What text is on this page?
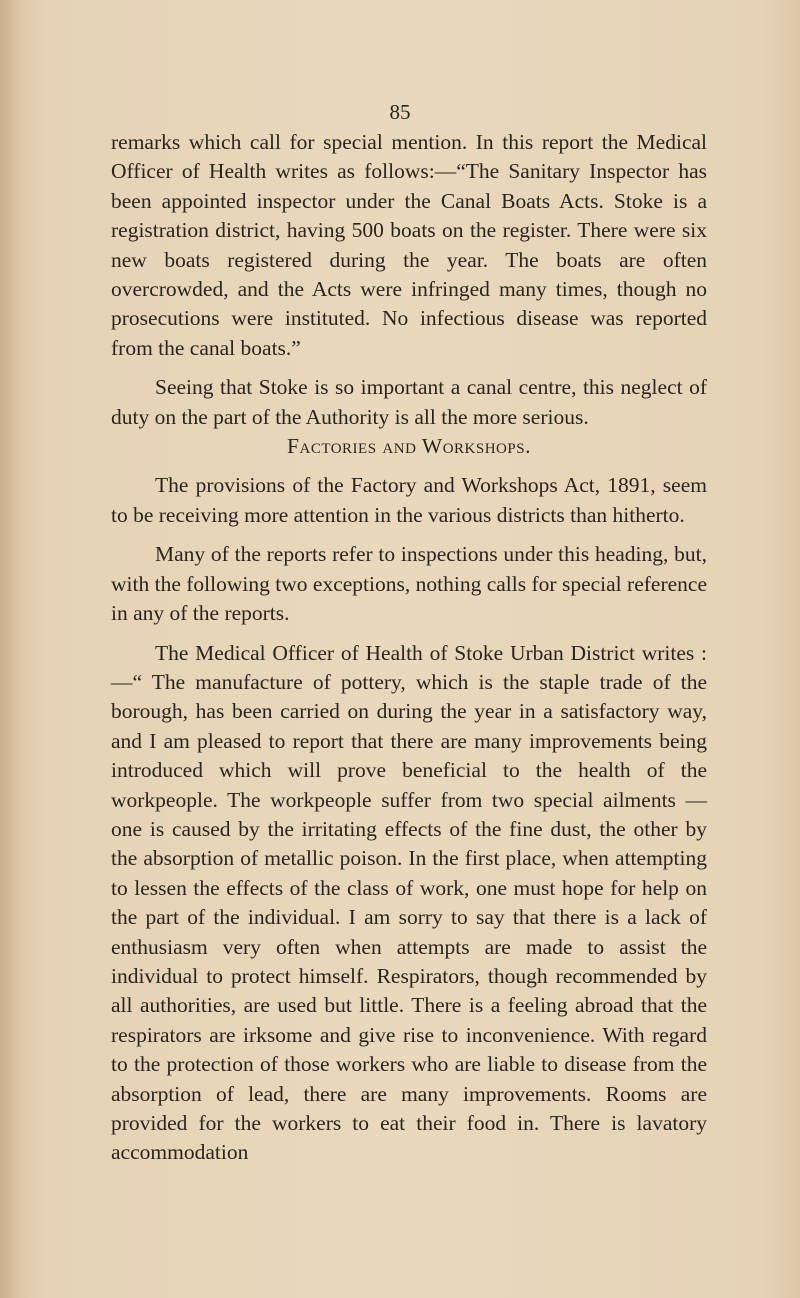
85

remarks which call for special mention. In this report the Medical Officer of Health writes as follows:—“The Sanitary Inspector has been appointed inspector under the Canal Boats Acts. Stoke is a registration district, having 500 boats on the register. There were six new boats registered during the year. The boats are often overcrowded, and the Acts were infringed many times, though no prosecutions were instituted. No infectious disease was reported from the canal boats.”

Seeing that Stoke is so important a canal centre, this neglect of duty on the part of the Authority is all the more serious.

Factories and Workshops.

The provisions of the Factory and Workshops Act, 1891, seem to be receiving more attention in the various districts than hitherto.

Many of the reports refer to inspections under this heading, but, with the following two exceptions, nothing calls for special reference in any of the reports.

The Medical Officer of Health of Stoke Urban District writes :—“ The manufacture of pottery, which is the staple trade of the borough, has been carried on during the year in a satisfactory way, and I am pleased to report that there are many improvements being introduced which will prove beneficial to the health of the workpeople. The workpeople suffer from two special ailments — one is caused by the irritating effects of the fine dust, the other by the absorption of metallic poison. In the first place, when attempting to lessen the effects of the class of work, one must hope for help on the part of the individual. I am sorry to say that there is a lack of enthusiasm very often when attempts are made to assist the individual to protect himself. Respirators, though recommended by all authorities, are used but little. There is a feeling abroad that the respirators are irksome and give rise to inconvenience. With regard to the protection of those workers who are liable to disease from the absorption of lead, there are many improvements. Rooms are provided for the workers to eat their food in. There is lavatory accommodation
